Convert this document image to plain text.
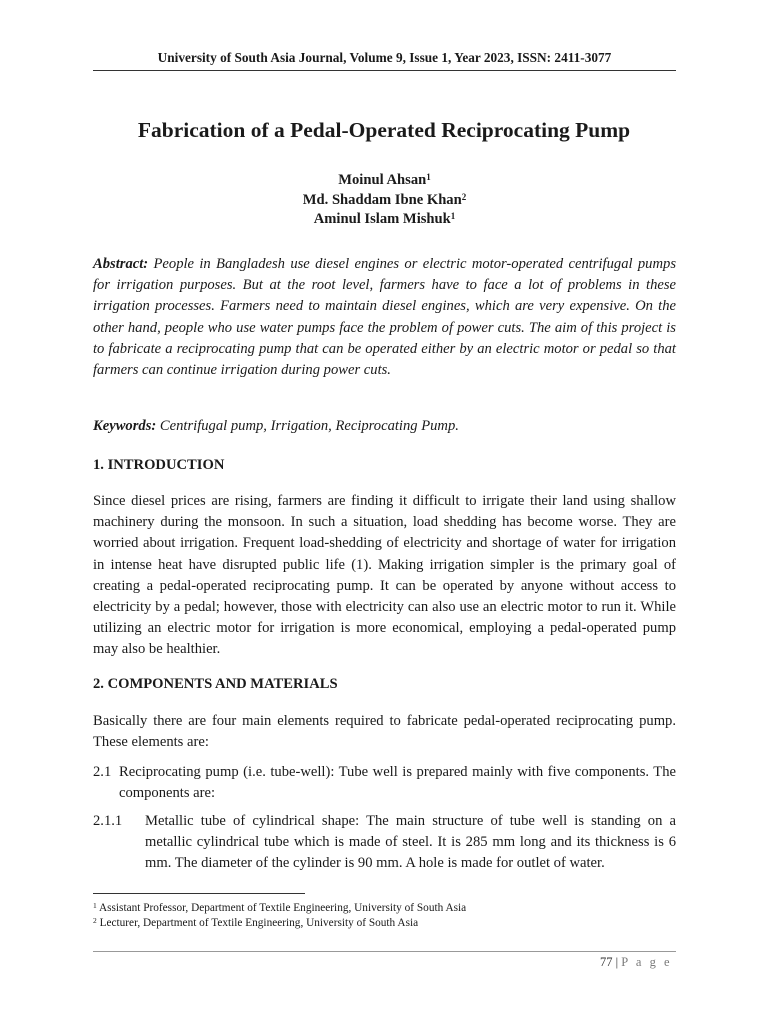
University of South Asia Journal, Volume 9, Issue 1, Year 2023, ISSN: 2411-3077
Fabrication of a Pedal-Operated Reciprocating Pump
Moinul Ahsan$^1$
Md. Shaddam Ibne Khan$^2$
Aminul Islam Mishuk$^1$
Abstract: People in Bangladesh use diesel engines or electric motor-operated centrifugal pumps for irrigation purposes. But at the root level, farmers have to face a lot of problems in these irrigation processes. Farmers need to maintain diesel engines, which are very expensive. On the other hand, people who use water pumps face the problem of power cuts. The aim of this project is to fabricate a reciprocating pump that can be operated either by an electric motor or pedal so that farmers can continue irrigation during power cuts.
Keywords: Centrifugal pump, Irrigation, Reciprocating Pump.
1. INTRODUCTION
Since diesel prices are rising, farmers are finding it difficult to irrigate their land using shallow machinery during the monsoon. In such a situation, load shedding has become worse. They are worried about irrigation. Frequent load-shedding of electricity and shortage of water for irrigation in intense heat have disrupted public life (1). Making irrigation simpler is the primary goal of creating a pedal-operated reciprocating pump. It can be operated by anyone without access to electricity by a pedal; however, those with electricity can also use an electric motor to run it. While utilizing an electric motor for irrigation is more economical, employing a pedal-operated pump may also be healthier.
2. COMPONENTS AND MATERIALS
Basically there are four main elements required to fabricate pedal-operated reciprocating pump. These elements are:
2.1 Reciprocating pump (i.e. tube-well): Tube well is prepared mainly with five components. The components are:
2.1.1	Metallic tube of cylindrical shape: The main structure of tube well is standing on a metallic cylindrical tube which is made of steel. It is 285 mm long and its thickness is 6 mm. The diameter of the cylinder is 90 mm. A hole is made for outlet of water.
$^1$ Assistant Professor, Department of Textile Engineering, University of South Asia
$^2$ Lecturer, Department of Textile Engineering, University of South Asia
77 | P a g e
